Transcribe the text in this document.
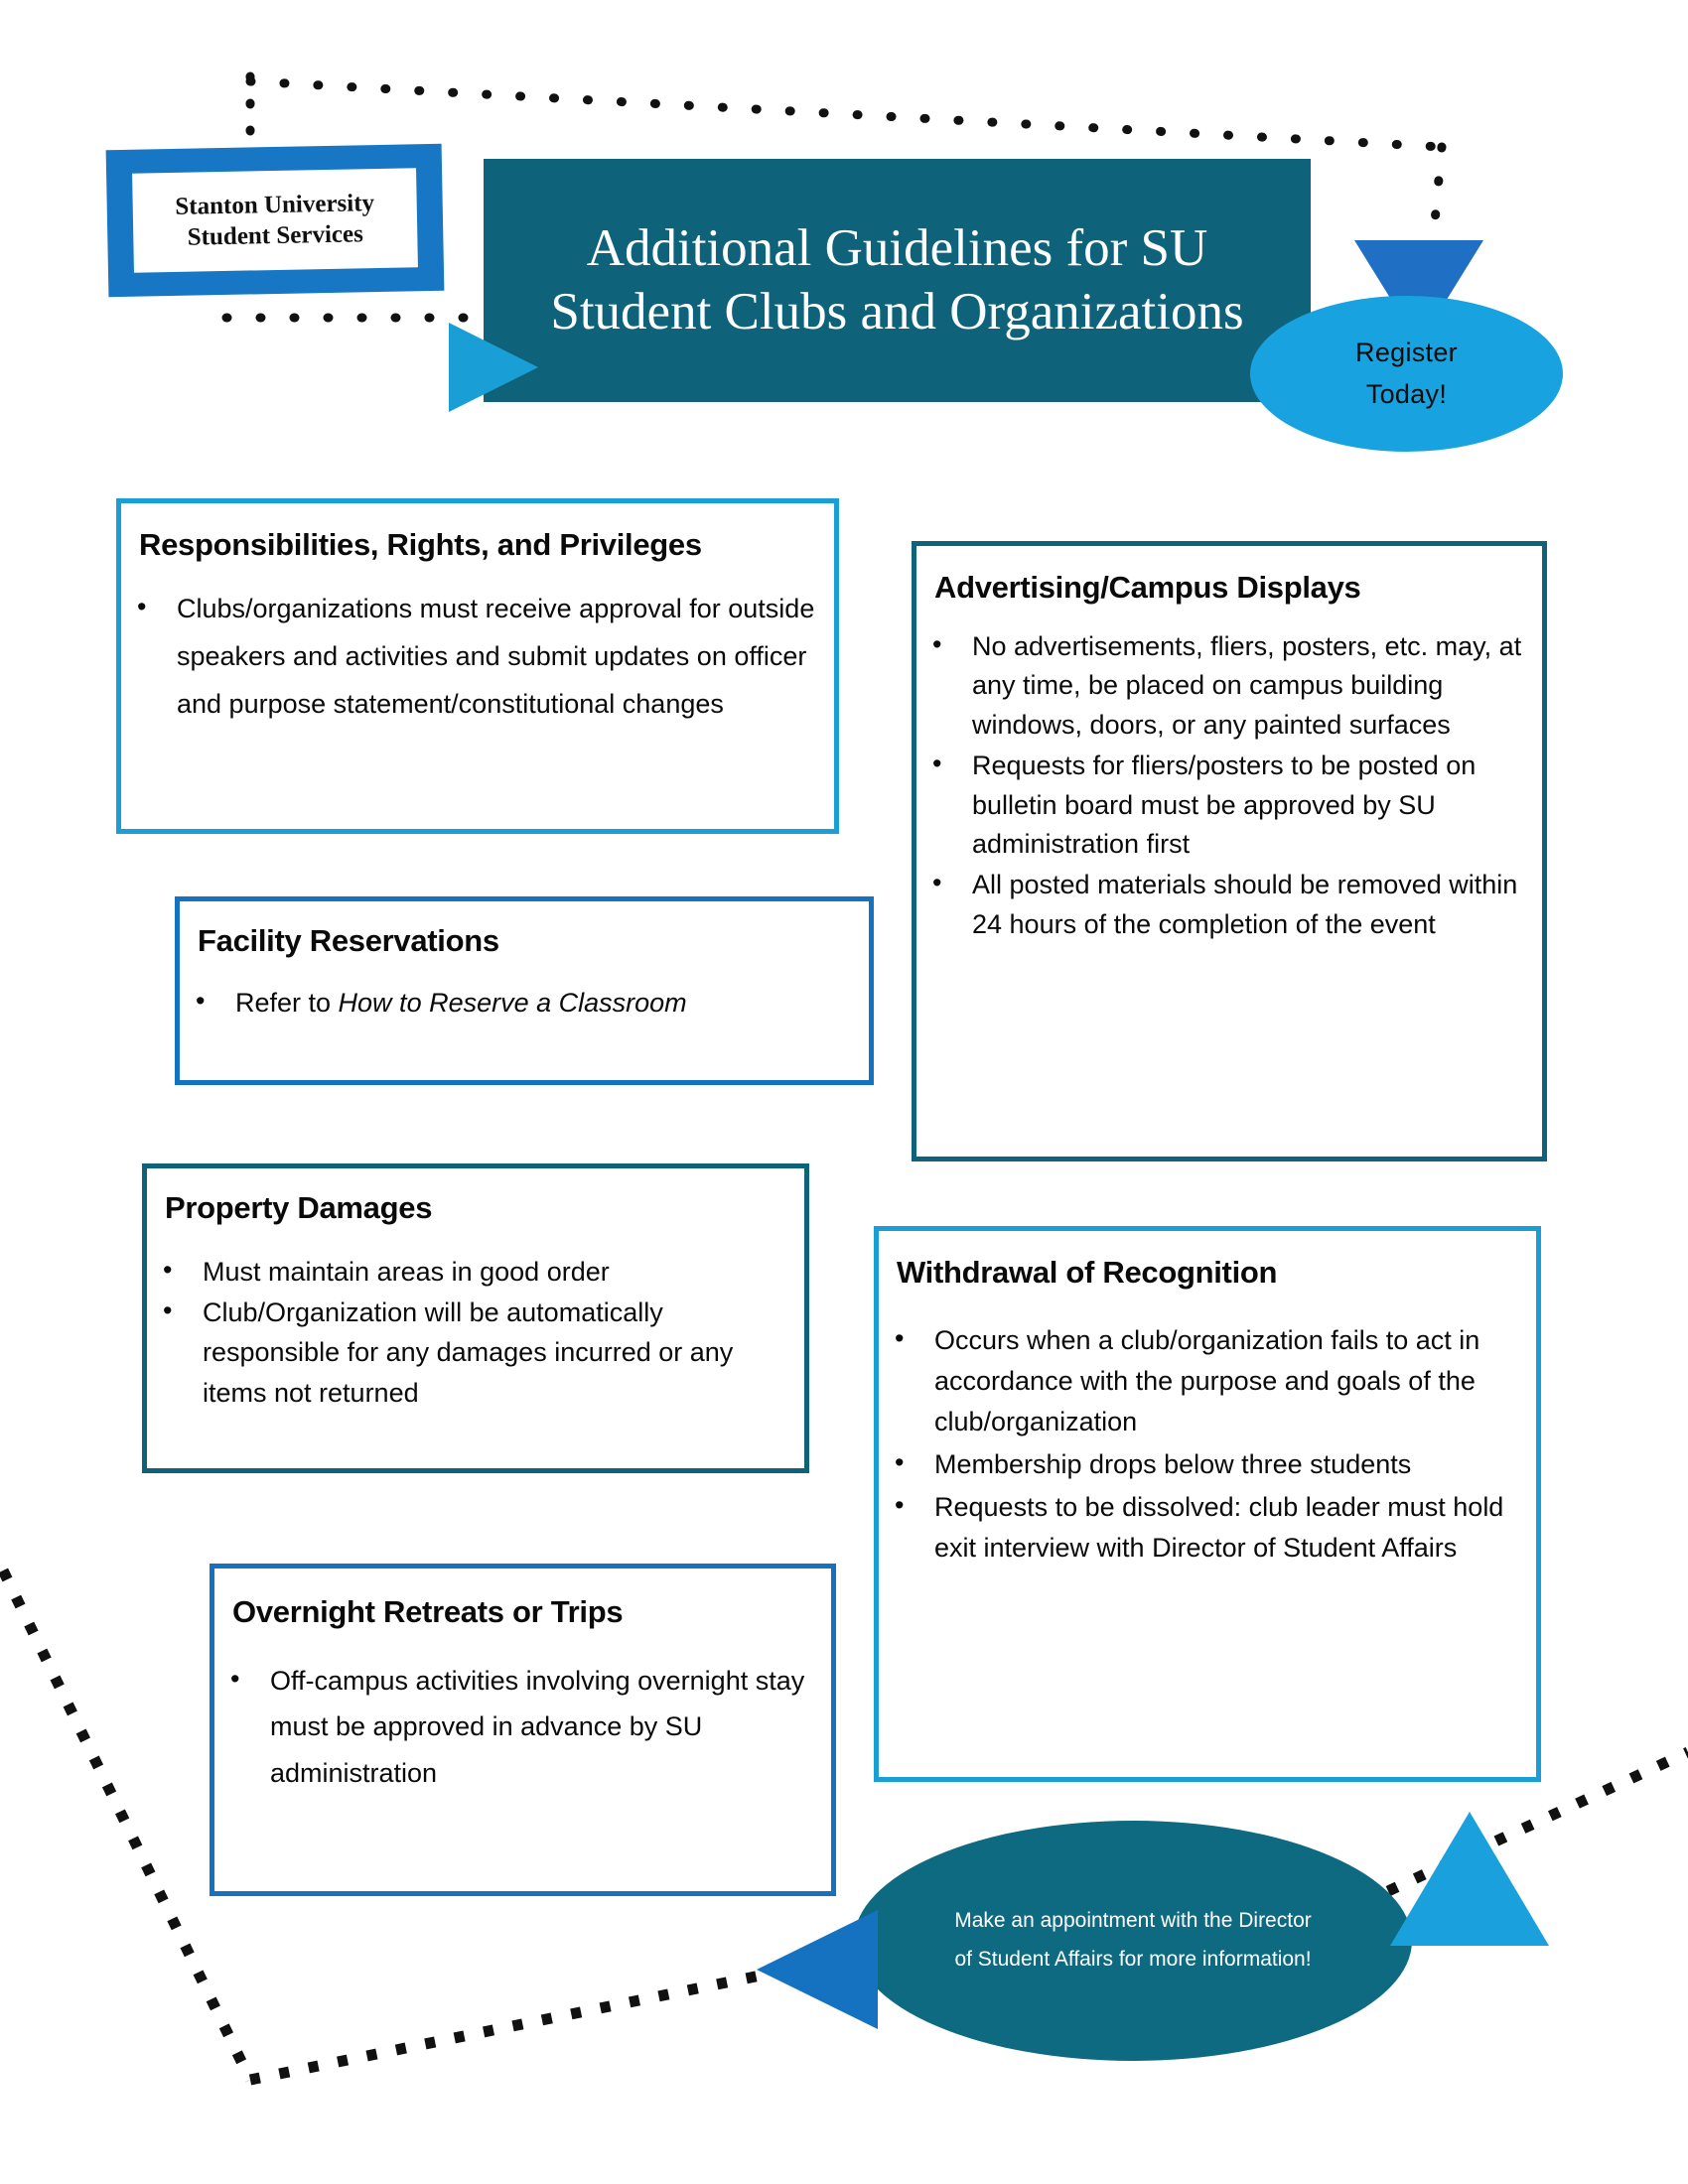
Stanton University
Student Services	Additional Guidelines for SU Student Clubs and Organizations
Register
Today!
Responsibilities, Rights, and Privileges
• Clubs/organizations must receive approval for outside speakers and activities and submit updates on officer and purpose statement/constitutional changes
Advertising/Campus Displays
• No advertisements, fliers, posters, etc. may, at any time, be placed on campus building windows, doors, or any painted surfaces
• Requests for fliers/posters to be posted on bulletin board must be approved by SU administration first
• All posted materials should be removed within 24 hours of the completion of the event
Facility Reservations
• Refer to How to Reserve a Classroom
Property Damages
• Must maintain areas in good order
• Club/Organization will be automatically responsible for any damages incurred or any items not returned
Withdrawal of Recognition
• Occurs when a club/organization fails to act in accordance with the purpose and goals of the club/organization
• Membership drops below three students
• Requests to be dissolved: club leader must hold exit interview with Director of Student Affairs
Overnight Retreats or Trips
• Off-campus activities involving overnight stay must be approved in advance by SU administration
Make an appointment with the Director
of Student Affairs for more information!
